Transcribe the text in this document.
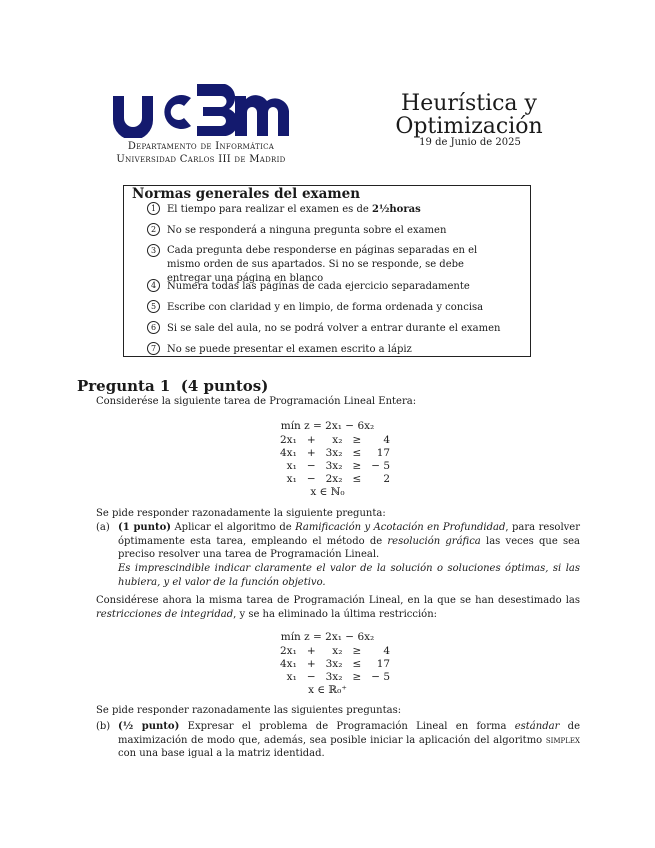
Departamento de Informática
Universidad Carlos III de Madrid
Heurística y
Optimización
19 de Junio de 2025
Normas generales del examen
1 El tiempo para realizar el examen es de 2½horas
2 No se responderá a ninguna pregunta sobre el examen
3 Cada pregunta debe responderse en páginas separadas en el mismo orden de sus apartados. Si no se responde, se debe entregar una página en blanco
4 Numera todas las páginas de cada ejercicio separadamente
5 Escribe con claridad y en limpio, de forma ordenada y concisa
6 Si se sale del aula, no se podrá volver a entrar durante el examen
7 No se puede presentar el examen escrito a lápiz
Pregunta 1  (4 puntos)
Considerése la siguiente tarea de Programación Lineal Entera:
mín z = 2x₁ − 6x₂
2x₁	+	x₂	≥	4
4x₁	+	3x₂	≤	17
x₁	−	3x₂	≥	− 5
x₁	−	2x₂	≤	2
x ∈ ℕ₀
Se pide responder razonadamente la siguiente pregunta:
(a) (1 punto) Aplicar el algoritmo de Ramificación y Acotación en Profundidad, para resolver óptimamente esta tarea, empleando el método de resolución gráfica las veces que sea preciso resolver una tarea de Programación Lineal.
Es imprescindible indicar claramente el valor de la solución o soluciones óptimas, si las hubiera, y el valor de la función objetivo.
Considérese ahora la misma tarea de Programación Lineal, en la que se han desestimado las restricciones de integridad, y se ha eliminado la última restricción:
mín z = 2x₁ − 6x₂
2x₁	+	x₂	≥	4
4x₁	+	3x₂	≤	17
x₁	−	3x₂	≥	− 5
x ∈ ℝ₀⁺
Se pide responder razonadamente las siguientes preguntas:
(b) (½ punto) Expresar el problema de Programación Lineal en forma estándar de maximización de modo que, además, sea posible iniciar la aplicación del algoritmo simplex con una base igual a la matriz identidad.
